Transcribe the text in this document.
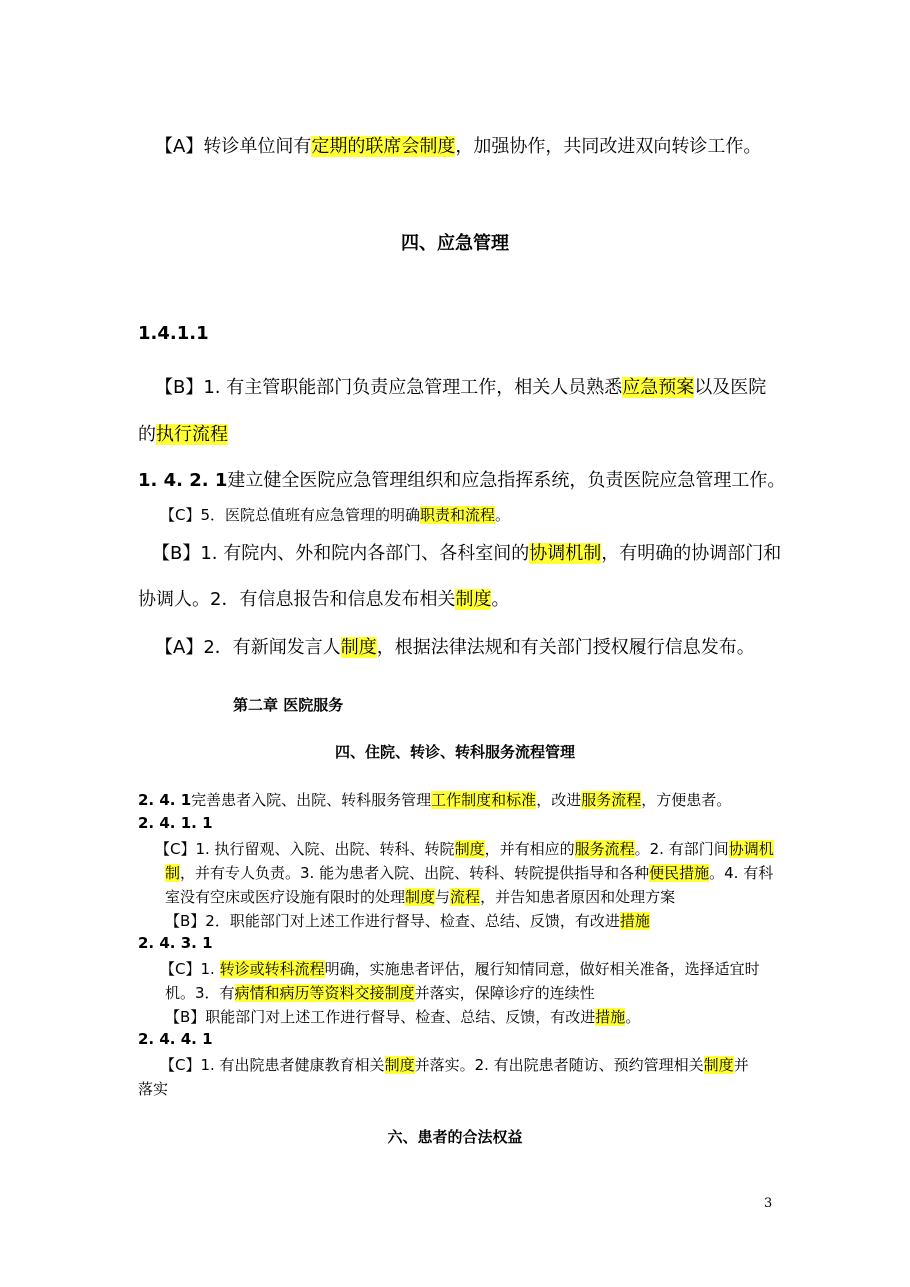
【A】转诊单位间有定期的联席会制度，加强协作，共同改进双向转诊工作。
四、应急管理
1.4.1.1
【B】1. 有主管职能部门负责应急管理工作，相关人员熟悉应急预案以及医院
的执行流程
1. 4. 2. 1建立健全医院应急管理组织和应急指挥系统，负责医院应急管理工作。
【C】5．医院总值班有应急管理的明确职责和流程。
【B】1. 有院内、外和院内各部门、各科室间的协调机制，有明确的协调部门和
协调人。2．有信息报告和信息发布相关制度。
【A】2．有新闻发言人制度，根据法律法规和有关部门授权履行信息发布。
第二章 医院服务
四、住院、转诊、转科服务流程管理
2. 4. 1完善患者入院、出院、转科服务管理工作制度和标准，改进服务流程，方便患者。
2. 4. 1. 1
【C】1. 执行留观、入院、出院、转科、转院制度，并有相应的服务流程。2. 有部门间协调机
制，并有专人负责。3. 能为患者入院、出院、转科、转院提供指导和各种便民措施。4. 有科
室没有空床或医疗设施有限时的处理制度与流程，并告知患者原因和处理方案
【B】2．职能部门对上述工作进行督导、检查、总结、反馈，有改进措施
2. 4. 3. 1
【C】1. 转诊或转科流程明确，实施患者评估，履行知情同意，做好相关准备，选择适宜时
机。3．有病情和病历等资料交接制度并落实，保障诊疗的连续性
【B】职能部门对上述工作进行督导、检查、总结、反馈，有改进措施。
2. 4. 4. 1
【C】1. 有出院患者健康教育相关制度并落实。2. 有出院患者随访、预约管理相关制度并
落实
六、患者的合法权益
3
